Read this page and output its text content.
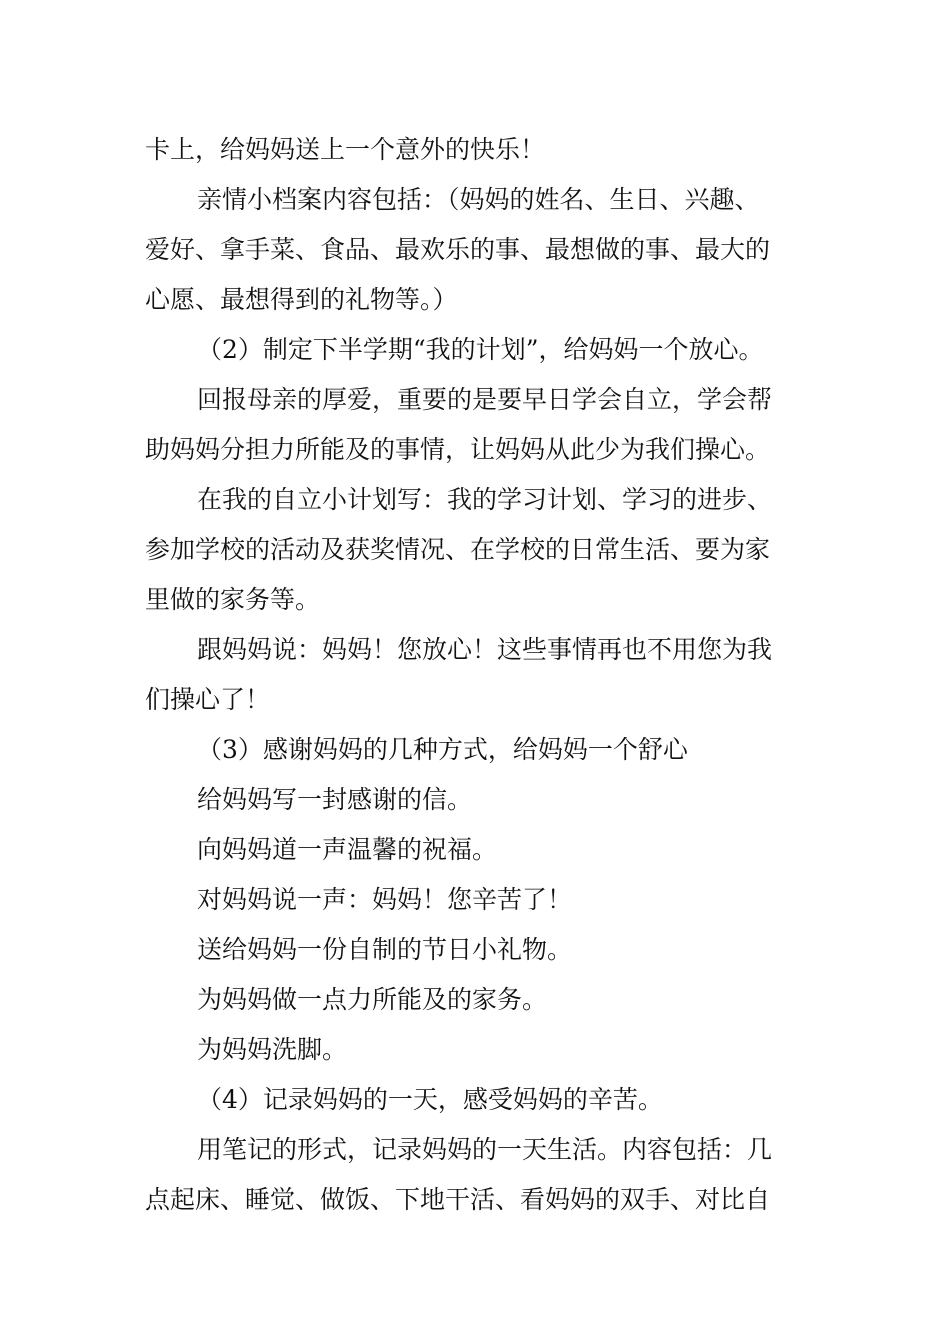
卡上，给妈妈送上一个意外的快乐！
亲情小档案内容包括：（妈妈的姓名、生日、兴趣、
爱好、拿手菜、食品、最欢乐的事、最想做的事、最大的
心愿、最想得到的礼物等。）
（2）制定下半学期“我的计划”，给妈妈一个放心。
回报母亲的厚爱，重要的是要早日学会自立，学会帮
助妈妈分担力所能及的事情，让妈妈从此少为我们操心。
在我的自立小计划写：我的学习计划、学习的进步、
参加学校的活动及获奖情况、在学校的日常生活、要为家
里做的家务等。
跟妈妈说：妈妈！您放心！这些事情再也不用您为我
们操心了！
（3）感谢妈妈的几种方式，给妈妈一个舒心
给妈妈写一封感谢的信。
向妈妈道一声温馨的祝福。
对妈妈说一声：妈妈！您辛苦了！
送给妈妈一份自制的节日小礼物。
为妈妈做一点力所能及的家务。
为妈妈洗脚。
（4）记录妈妈的一天，感受妈妈的辛苦。
用笔记的形式，记录妈妈的一天生活。内容包括：几
点起床、睡觉、做饭、下地干活、看妈妈的双手、对比自
